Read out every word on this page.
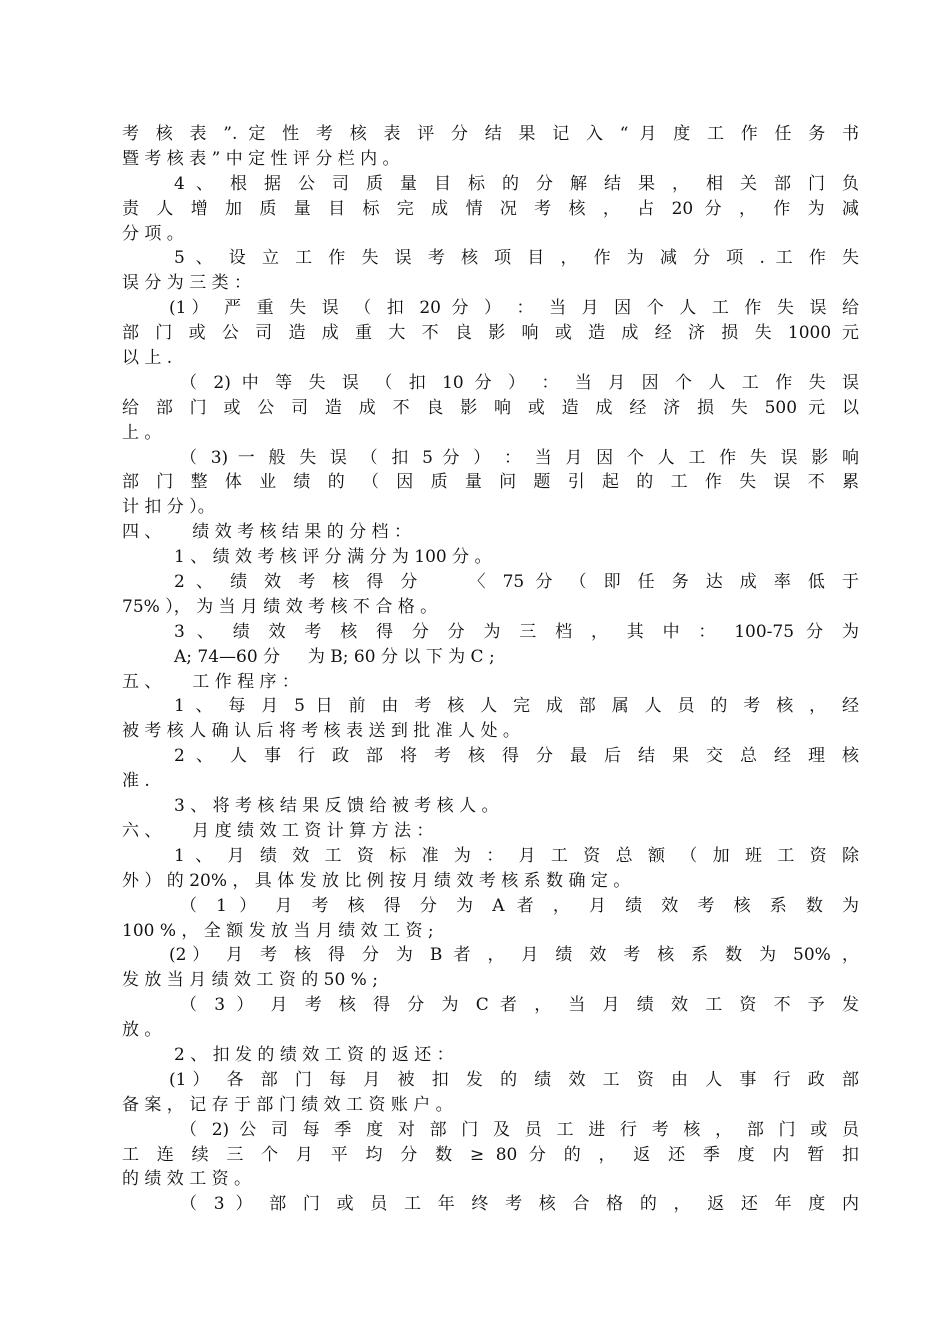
考 核 表 ”. 定 性 考 核 表 评 分 结 果 记 入 “ 月 度 工 作 任 务 书
暨 考 核 表 ” 中 定 性 评 分 栏 内 。
4 、 根 据 公 司 质 量 目 标 的 分 解 结 果 ， 相 关 部 门 负
责 人 增 加 质 量 目 标 完 成 情 况 考 核 ， 占 20 分 ， 作 为 减
分 项 。
5 、 设 立 工 作 失 误 考 核 项 目 ， 作 为 减 分 项 . 工 作 失
误 分 为 三 类 ：
(1） 严 重 失 误 （ 扣 20 分 ） ： 当 月 因 个 人 工 作 失 误 给
部 门 或 公 司 造 成 重 大 不 良 影 响 或 造 成 经 济 损 失 1000 元
以 上 .
（ 2) 中 等 失 误 （ 扣 10 分 ） ： 当 月 因 个 人 工 作 失 误
给 部 门 或 公 司 造 成 不 良 影 响 或 造 成 经 济 损 失 500 元 以
上 。
（ 3) 一 般 失 误 （ 扣 5 分 ） ： 当 月 因 个 人 工 作 失 误 影 响
部 门 整 体 业 绩 的 （ 因 质 量 问 题 引 起 的 工 作 失 误 不 累
计 扣 分 ）。
四 、　　 绩 效 考 核 结 果 的 分 档 ：
1 、 绩 效 考 核 评 分 满 分 为 100 分 。
2 、 绩 效 考 核 得 分 　 〈 75 分 （ 即 任 务 达 成 率 低 于
75% ）， 为 当 月 绩 效 考 核 不 合 格 。
3 、 绩 效 考 核 得 分 分 为 三 档 ， 其 中 ： 100-75 分 为
A; 74—60 分 　 为 B; 60 分 以 下 为 C ;
五 、　　 工 作 程 序 ：
1 、 每 月 5 日 前 由 考 核 人 完 成 部 属 人 员 的 考 核 ， 经
被 考 核 人 确 认 后 将 考 核 表 送 到 批 准 人 处 。
2 、 人 事 行 政 部 将 考 核 得 分 最 后 结 果 交 总 经 理 核
准 .
3 、 将 考 核 结 果 反 馈 给 被 考 核 人 。
六 、　　 月 度 绩 效 工 资 计 算 方 法 ：
1 、 月 绩 效 工 资 标 准 为 ： 月 工 资 总 额 （ 加 班 工 资 除
外 ） 的 20% ， 具 体 发 放 比 例 按 月 绩 效 考 核 系 数 确 定 。
（ 1 ） 月 考 核 得 分 为 A 者 ， 月 绩 效 考 核 系 数 为
100 % ， 全 额 发 放 当 月 绩 效 工 资 ;
(2） 月 考 核 得 分 为 B 者 ， 月 绩 效 考 核 系 数 为 50% ，
发 放 当 月 绩 效 工 资 的 50 % ;
（ 3 ） 月 考 核 得 分 为 C 者 ， 当 月 绩 效 工 资 不 予 发
放 。
2 、 扣 发 的 绩 效 工 资 的 返 还 ：
(1） 各 部 门 每 月 被 扣 发 的 绩 效 工 资 由 人 事 行 政 部
备 案 ， 记 存 于 部 门 绩 效 工 资 账 户 。
（ 2) 公 司 每 季 度 对 部 门 及 员 工 进 行 考 核 ， 部 门 或 员
工 连 续 三 个 月 平 均 分 数 ≥ 80 分 的 ， 返 还 季 度 内 暂 扣
的 绩 效 工 资 。
（ 3 ） 部 门 或 员 工 年 终 考 核 合 格 的 ， 返 还 年 度 内
